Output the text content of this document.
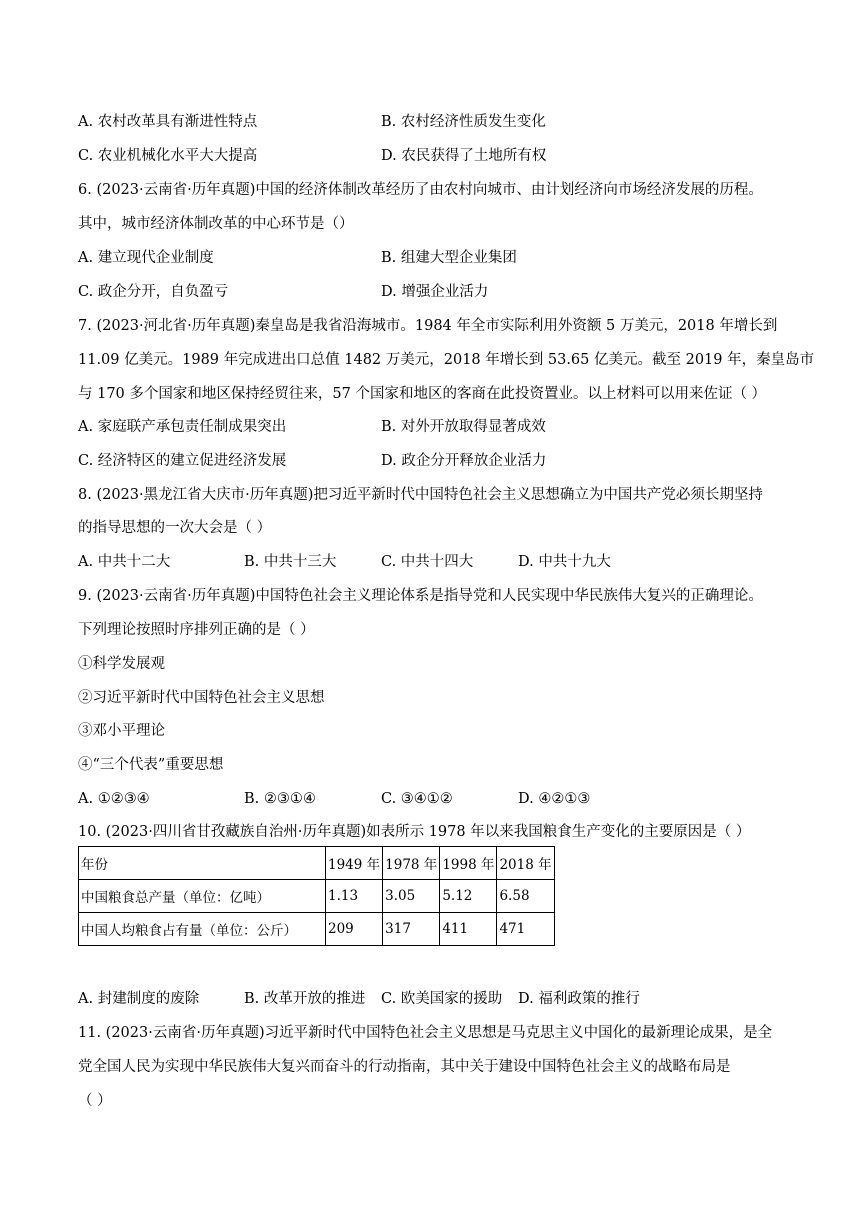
A. 农村改革具有渐进性特点	B. 农村经济性质发生变化
C. 农业机械化水平大大提高	D. 农民获得了土地所有权
6. (2023·云南省·历年真题)中国的经济体制改革经历了由农村向城市、由计划经济向市场经济发展的历程。
其中，城市经济体制改革的中心环节是（）
A. 建立现代企业制度	B. 组建大型企业集团
C. 政企分开，自负盈亏	D. 增强企业活力
7. (2023·河北省·历年真题)秦皇岛是我省沿海城市。1984 年全市实际利用外资额 5 万美元，2018 年增长到
11.09 亿美元。1989 年完成进出口总值 1482 万美元，2018 年增长到 53.65 亿美元。截至 2019 年，秦皇岛市
与 170 多个国家和地区保持经贸往来，57 个国家和地区的客商在此投资置业。以上材料可以用来佐证（ ）
A. 家庭联产承包责任制成果突出	B. 对外开放取得显著成效
C. 经济特区的建立促进经济发展	D. 政企分开释放企业活力
8. (2023·黑龙江省大庆市·历年真题)把习近平新时代中国特色社会主义思想确立为中国共产党必须长期坚持
的指导思想的一次大会是（ ）
A. 中共十二大	B. 中共十三大	C. 中共十四大	D. 中共十九大
9. (2023·云南省·历年真题)中国特色社会主义理论体系是指导党和人民实现中华民族伟大复兴的正确理论。
下列理论按照时序排列正确的是（ ）
①科学发展观
②习近平新时代中国特色社会主义思想
③邓小平理论
④“三个代表”重要思想
A. ①②③④	B. ②③①④	C. ③④①②	D. ④②①③
10. (2023·四川省甘孜藏族自治州·历年真题)如表所示 1978 年以来我国粮食生产变化的主要原因是（ ）
年份	1949 年	1978 年	1998 年	2018 年
中国粮食总产量（单位：亿吨）	1.13	3.05	5.12	6.58
中国人均粮食占有量（单位：公斤）	209	317	411	471
A. 封建制度的废除	B. 改革开放的推进 C. 欧美国家的援助 D. 福利政策的推行
11. (2023·云南省·历年真题)习近平新时代中国特色社会主义思想是马克思主义中国化的最新理论成果，是全
党全国人民为实现中华民族伟大复兴而奋斗的行动指南，其中关于建设中国特色社会主义的战略布局是
（ ）
